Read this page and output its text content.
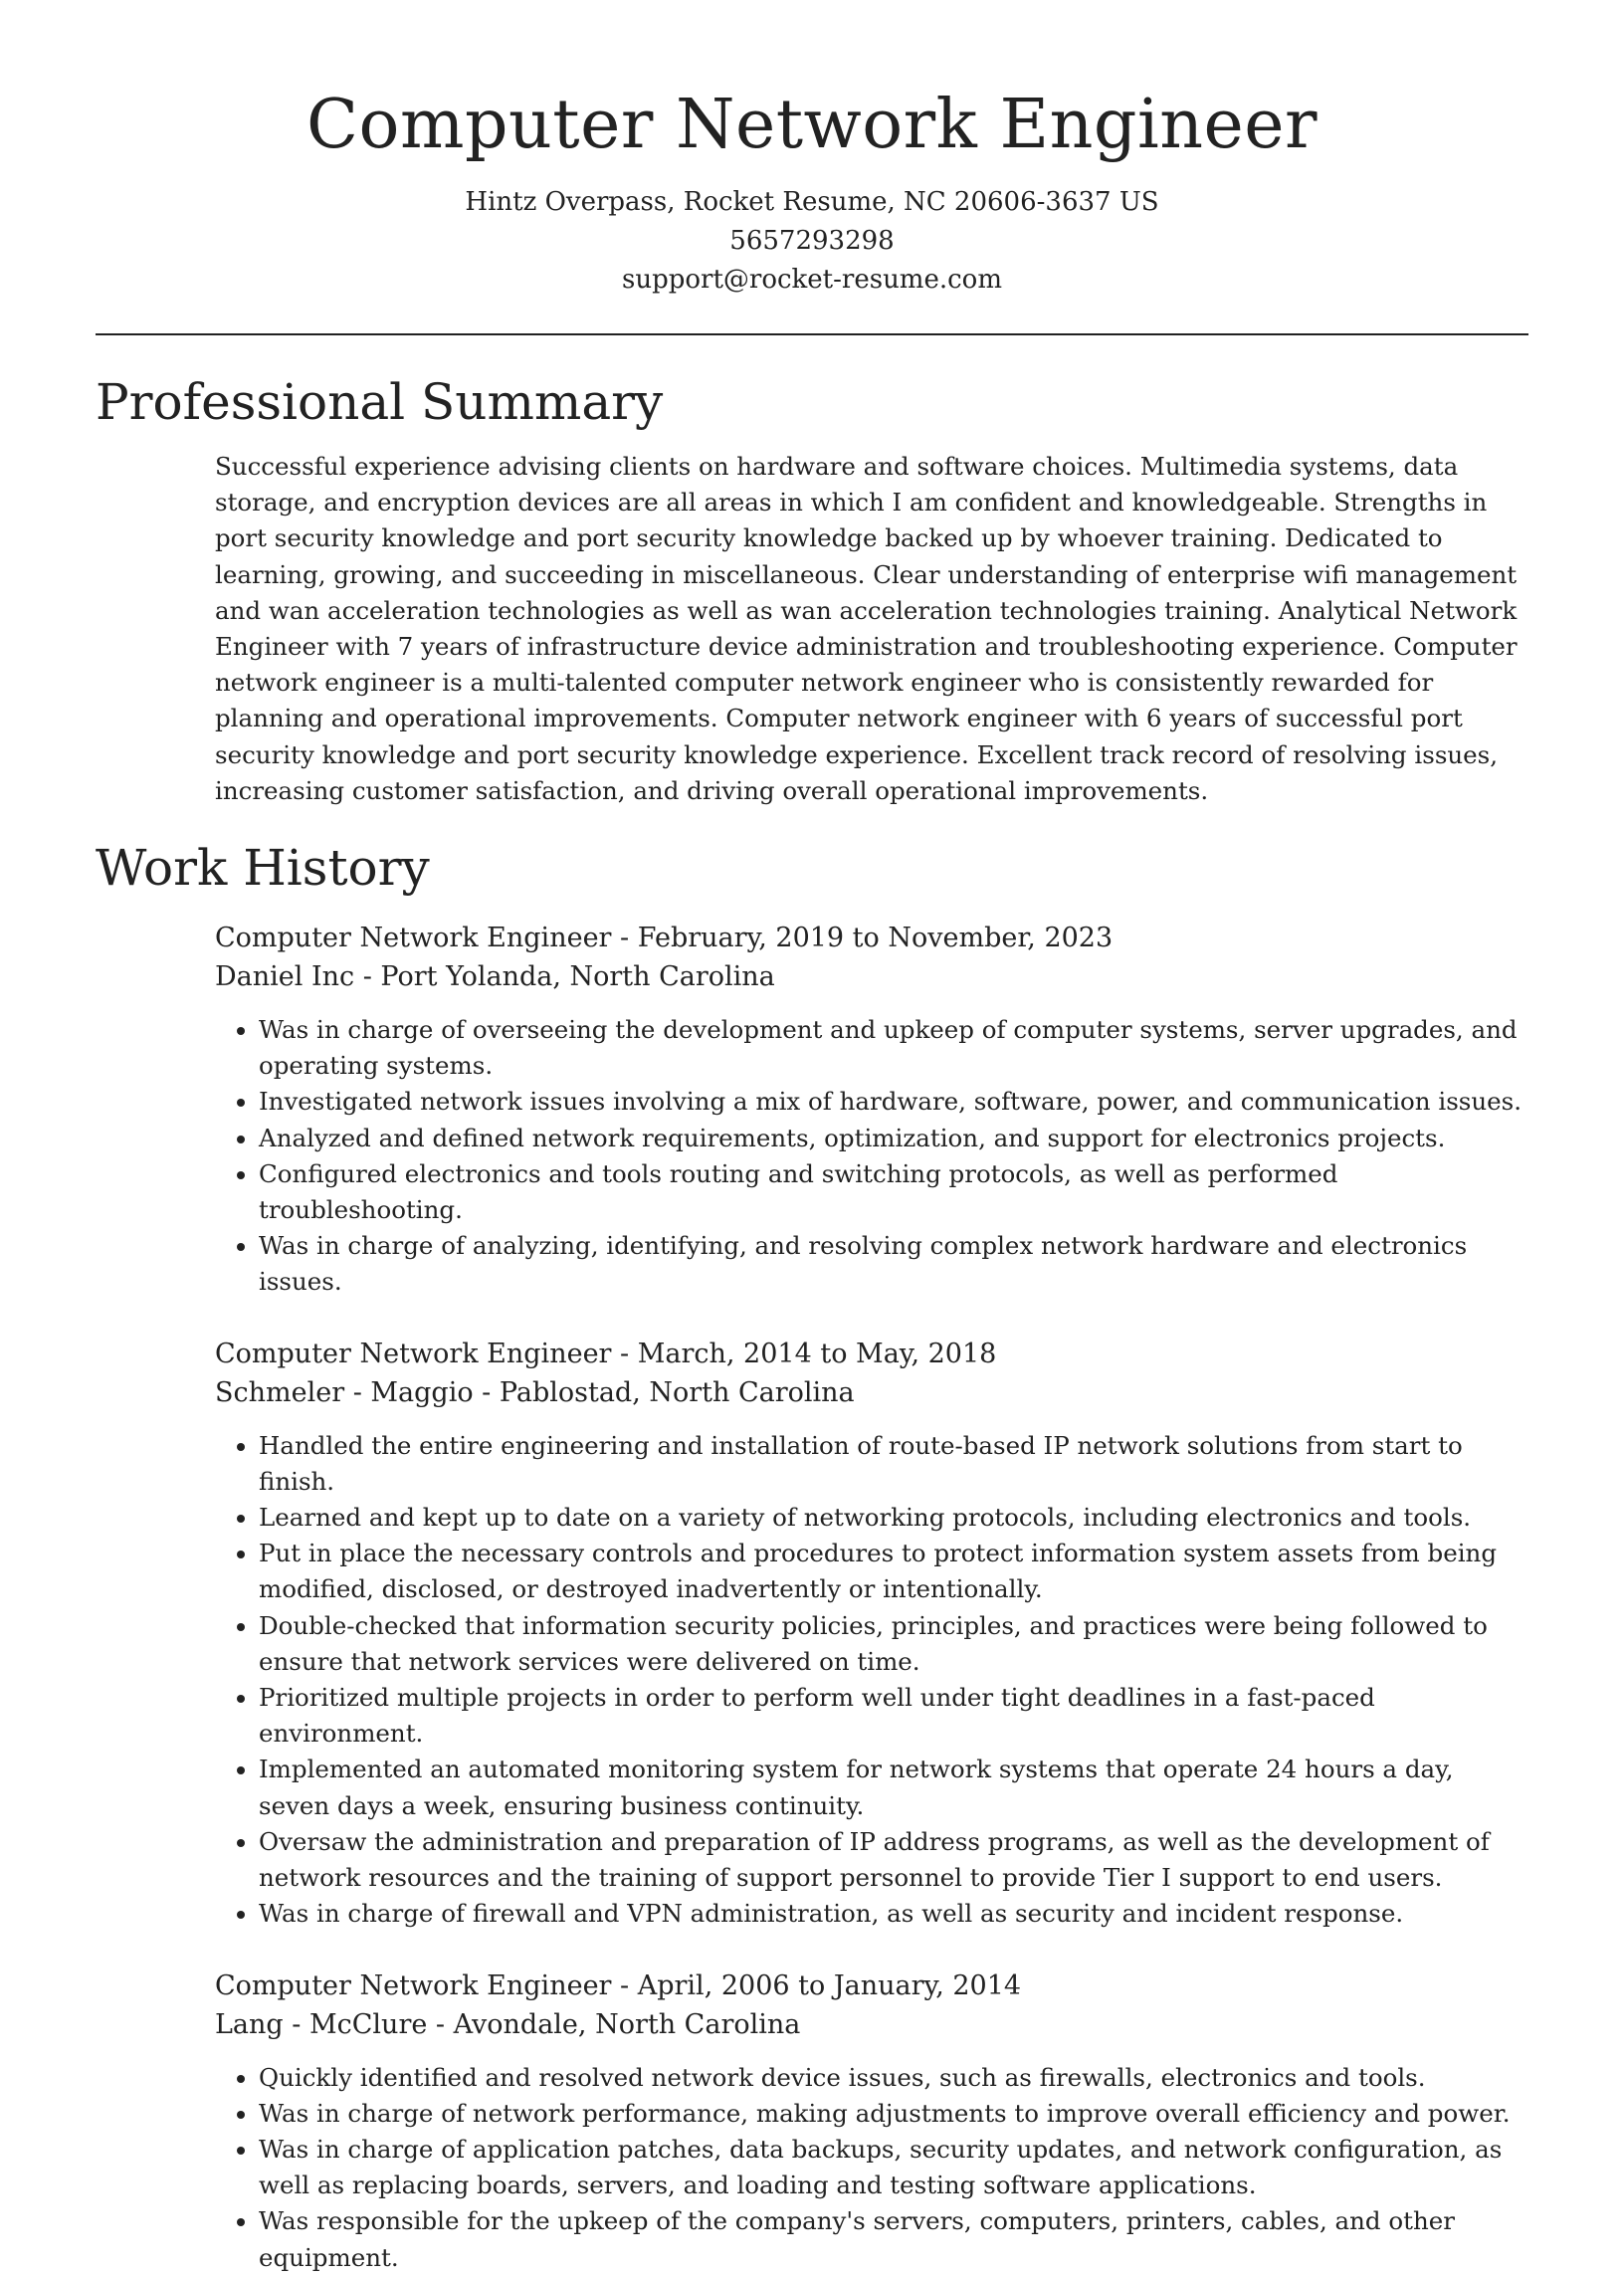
Computer Network Engineer
Hintz Overpass, Rocket Resume, NC 20606-3637 US
5657293298
support@rocket-resume.com
Professional Summary
Successful experience advising clients on hardware and software choices. Multimedia systems, data storage, and encryption devices are all areas in which I am confident and knowledgeable. Strengths in port security knowledge and port security knowledge backed up by whoever training. Dedicated to learning, growing, and succeeding in miscellaneous. Clear understanding of enterprise wifi management and wan acceleration technologies as well as wan acceleration technologies training. Analytical Network Engineer with 7 years of infrastructure device administration and troubleshooting experience. Computer network engineer is a multi-talented computer network engineer who is consistently rewarded for planning and operational improvements. Computer network engineer with 6 years of successful port security knowledge and port security knowledge experience. Excellent track record of resolving issues, increasing customer satisfaction, and driving overall operational improvements.
Work History
Computer Network Engineer - February, 2019 to November, 2023
Daniel Inc - Port Yolanda, North Carolina
• Was in charge of overseeing the development and upkeep of computer systems, server upgrades, and operating systems.
• Investigated network issues involving a mix of hardware, software, power, and communication issues.
• Analyzed and defined network requirements, optimization, and support for electronics projects.
• Configured electronics and tools routing and switching protocols, as well as performed troubleshooting.
• Was in charge of analyzing, identifying, and resolving complex network hardware and electronics issues.
Computer Network Engineer - March, 2014 to May, 2018
Schmeler - Maggio - Pablostad, North Carolina
• Handled the entire engineering and installation of route-based IP network solutions from start to finish.
• Learned and kept up to date on a variety of networking protocols, including electronics and tools.
• Put in place the necessary controls and procedures to protect information system assets from being modified, disclosed, or destroyed inadvertently or intentionally.
• Double-checked that information security policies, principles, and practices were being followed to ensure that network services were delivered on time.
• Prioritized multiple projects in order to perform well under tight deadlines in a fast-paced environment.
• Implemented an automated monitoring system for network systems that operate 24 hours a day, seven days a week, ensuring business continuity.
• Oversaw the administration and preparation of IP address programs, as well as the development of network resources and the training of support personnel to provide Tier I support to end users.
• Was in charge of firewall and VPN administration, as well as security and incident response.
Computer Network Engineer - April, 2006 to January, 2014
Lang - McClure - Avondale, North Carolina
• Quickly identified and resolved network device issues, such as firewalls, electronics and tools.
• Was in charge of network performance, making adjustments to improve overall efficiency and power.
• Was in charge of application patches, data backups, security updates, and network configuration, as well as replacing boards, servers, and loading and testing software applications.
• Was responsible for the upkeep of the company's servers, computers, printers, cables, and other equipment.
